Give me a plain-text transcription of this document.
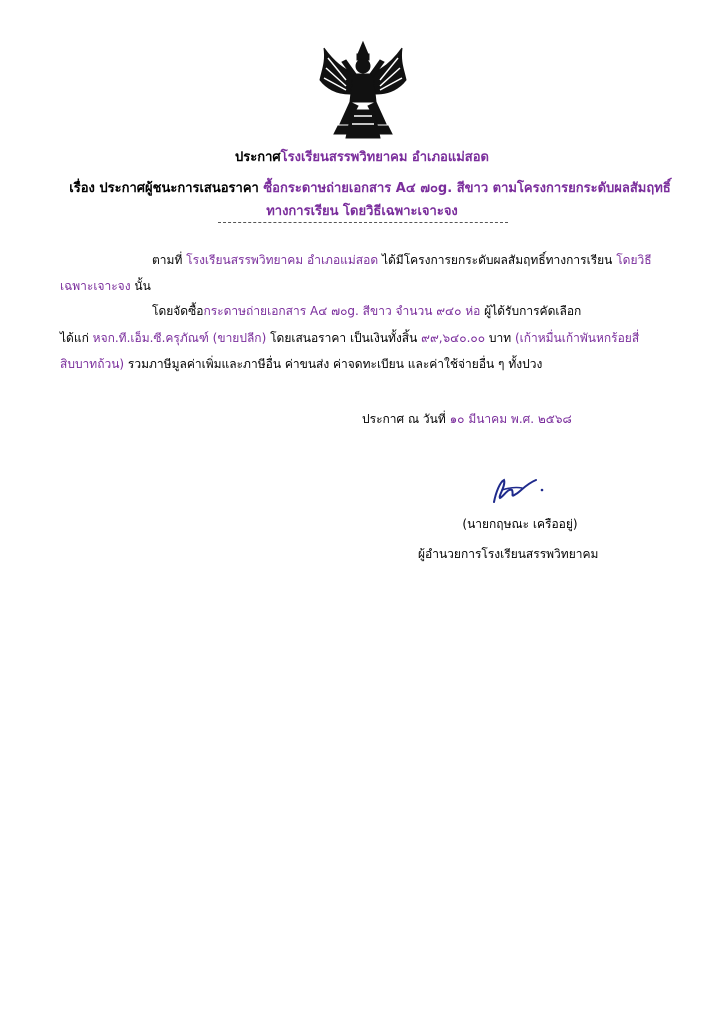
ประกาศโรงเรียนสรรพวิทยาคม อำเภอแม่สอด
เรื่อง ประกาศผู้ชนะการเสนอราคา ซื้อกระดาษถ่ายเอกสาร A๔ ๗๐g. สีขาว ตามโครงการยกระดับผลสัมฤทธิ์
ทางการเรียน โดยวิธีเฉพาะเจาะจง
ตามที่ โรงเรียนสรรพวิทยาคม อำเภอแม่สอด ได้มีโครงการยกระดับผลสัมฤทธิ์ทางการเรียน โดยวิธี
เฉพาะเจาะจง นั้น
โดยจัดซื้อกระดาษถ่ายเอกสาร A๔ ๗๐g. สีขาว จำนวน ๙๔๐ ห่อ ผู้ได้รับการคัดเลือก
ได้แก่ หจก.ที.เอ็ม.ซี.ครุภัณฑ์ (ขายปลีก) โดยเสนอราคา เป็นเงินทั้งสิ้น ๙๙,๖๔๐.๐๐ บาท (เก้าหมื่นเก้าพันหกร้อยสี่
สิบบาทถ้วน) รวมภาษีมูลค่าเพิ่มและภาษีอื่น ค่าขนส่ง ค่าจดทะเบียน และค่าใช้จ่ายอื่น ๆ ทั้งปวง
ประกาศ ณ วันที่ ๑๐ มีนาคม พ.ศ. ๒๕๖๘
(นายกฤษณะ เครืออยู่)
ผู้อำนวยการโรงเรียนสรรพวิทยาคม
